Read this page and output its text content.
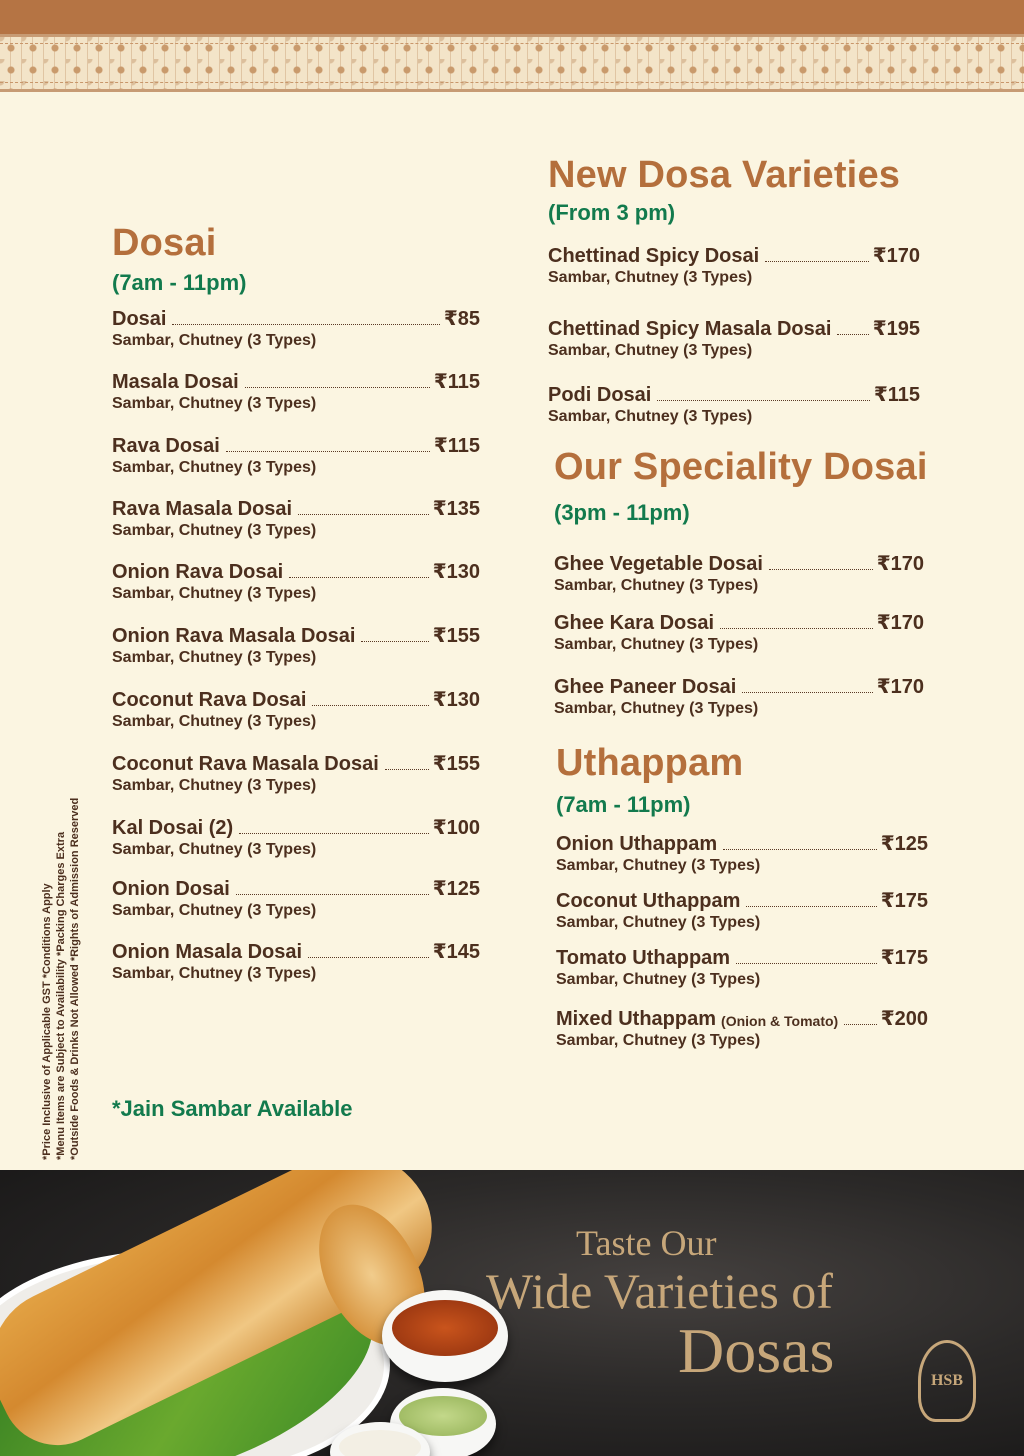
Dosai
(7am - 11pm)
Dosai	₹85
Sambar, Chutney (3 Types)
Masala Dosai	₹115
Sambar, Chutney (3 Types)
Rava Dosai	₹115
Sambar, Chutney (3 Types)
Rava Masala Dosai	₹135
Sambar, Chutney (3 Types)
Onion Rava Dosai	₹130
Sambar, Chutney (3 Types)
Onion Rava Masala Dosai	₹155
Sambar, Chutney (3 Types)
Coconut Rava Dosai	₹130
Sambar, Chutney (3 Types)
Coconut Rava Masala Dosai	₹155
Sambar, Chutney (3 Types)
Kal Dosai (2)	₹100
Sambar, Chutney (3 Types)
Onion Dosai	₹125
Sambar, Chutney (3 Types)
Onion Masala Dosai	₹145
Sambar, Chutney (3 Types)
New Dosa Varieties
(From 3 pm)
Chettinad Spicy Dosai	₹170
Sambar, Chutney (3 Types)
Chettinad Spicy Masala Dosai ₹195
Sambar, Chutney (3 Types)
Podi Dosai	₹115
Sambar, Chutney (3 Types)
Our Speciality Dosai
(3pm - 11pm)
Ghee Vegetable Dosai	₹170
Sambar, Chutney (3 Types)
Ghee Kara Dosai	₹170
Sambar, Chutney (3 Types)
Ghee Paneer Dosai	₹170
Sambar, Chutney (3 Types)
Uthappam
(7am - 11pm)
Onion Uthappam	₹125
Sambar, Chutney (3 Types)
Coconut Uthappam	₹175
Sambar, Chutney (3 Types)
Tomato Uthappam	₹175
Sambar, Chutney (3 Types)
Mixed Uthappam (Onion & Tomato) ₹200
Sambar, Chutney (3 Types)
*Jain Sambar Available
*Price Inclusive of Applicable GST *Conditions Apply *Menu Items are Subject to Availability *Packing Charges Extra *Outside Foods & Drinks Not Allowed *Rights of Admission Reserved
Taste Our
Wide Varieties of
Dosas	HSB
